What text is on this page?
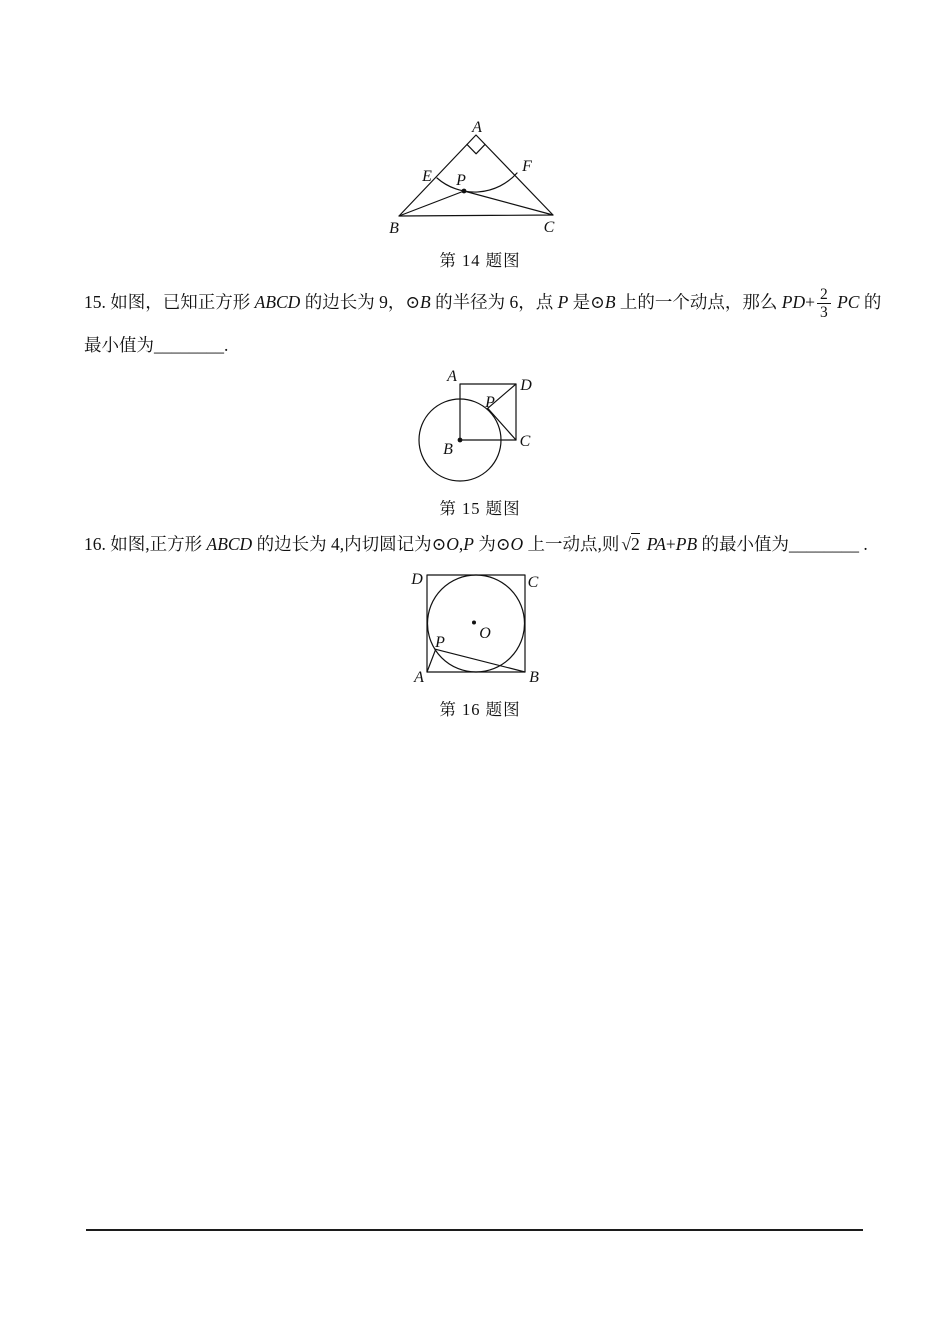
A
B	C
E
F
P
第 14 题图
15. 如图，已知正方形 ABCD 的边长为 9，⊙B 的半径为 6，点 P 是⊙B 上的一个动点，那么 $PD+ \frac{2}{3}$ PC 的
最小值为________.
A
D
C
B
P
第 15 题图
16. 如图,正方形 ABCD 的边长为 4,内切圆记为⊙O,P 为⊙O 上一动点,则 √2 PA+PB 的最小值为________ .
D	C
A	B
O
P
第 16 题图
